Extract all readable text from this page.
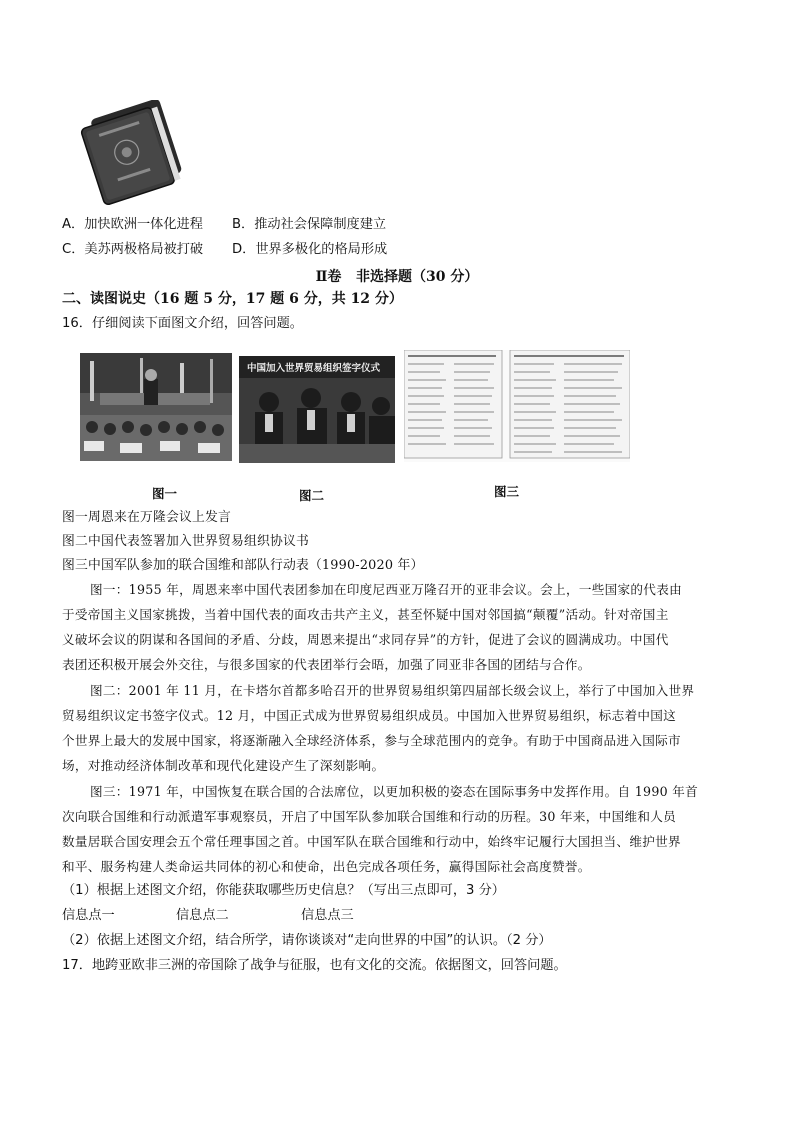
A．加快欧洲一体化进程 B．推动社会保障制度建立
C．美苏两极格局被打破 D．世界多极化的格局形成
Ⅱ卷   非选择题（30 分）
二、读图说史（16 题 5 分，17 题 6 分，共 12 分）
16．仔细阅读下面图文介绍，回答问题。
中国加入世界贸易组织签字仪式
图一	图二	图三
图一周恩来在万隆会议上发言
图二中国代表签署加入世界贸易组织协议书
图三中国军队参加的联合国维和部队行动表（1990-2020 年）
图一：1955 年，周恩来率中国代表团参加在印度尼西亚万隆召开的亚非会议。会上，一些国家的代表由
于受帝国主义国家挑拨，当着中国代表的面攻击共产主义，甚至怀疑中国对邻国搞“颠覆”活动。针对帝国主
义破坏会议的阴谋和各国间的矛盾、分歧，周恩来提出“求同存异”的方针，促进了会议的圆满成功。中国代
表团还积极开展会外交往，与很多国家的代表团举行会晤，加强了同亚非各国的团结与合作。
图二：2001 年 11 月，在卡塔尔首都多哈召开的世界贸易组织第四届部长级会议上，举行了中国加入世界
贸易组织议定书签字仪式。12 月，中国正式成为世界贸易组织成员。中国加入世界贸易组织，标志着中国这
个世界上最大的发展中国家，将逐渐融入全球经济体系，参与全球范围内的竞争。有助于中国商品进入国际市
场，对推动经济体制改革和现代化建设产生了深刻影响。
图三：1971 年，中国恢复在联合国的合法席位，以更加积极的姿态在国际事务中发挥作用。自 1990 年首
次向联合国维和行动派遣军事观察员，开启了中国军队参加联合国维和行动的历程。30 年来，中国维和人员
数量居联合国安理会五个常任理事国之首。中国军队在联合国维和行动中，始终牢记履行大国担当、维护世界
和平、服务构建人类命运共同体的初心和使命，出色完成各项任务，赢得国际社会高度赞誉。
（1）根据上述图文介绍，你能获取哪些历史信息？（写出三点即可，3 分）
信息点一	信息点二	信息点三
（2）依据上述图文介绍，结合所学，请你谈谈对“走向世界的中国”的认识。（2 分）
17．地跨亚欧非三洲的帝国除了战争与征服，也有文化的交流。依据图文，回答问题。
